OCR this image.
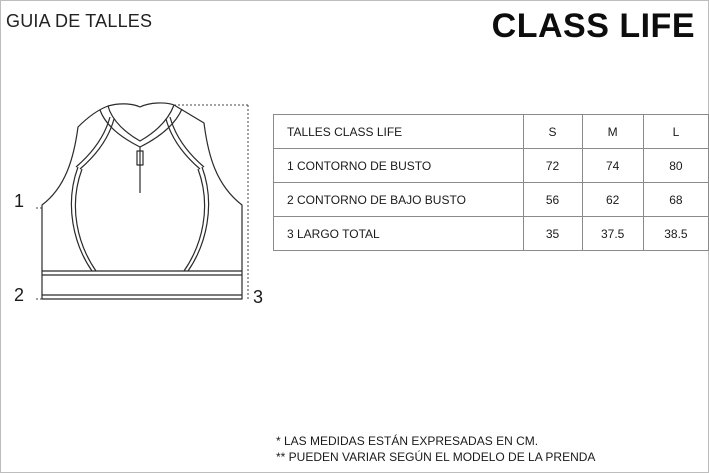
GUIA DE TALLES	CLASS LIFE
1
2	3
TALLES CLASS LIFE	S	M	L
1 CONTORNO DE BUSTO	72	74	80
2 CONTORNO DE BAJO BUSTO	56	62	68
3 LARGO TOTAL	35	37.5	38.5
* LAS MEDIDAS ESTÁN EXPRESADAS EN CM.
** PUEDEN VARIAR SEGÚN EL MODELO DE LA PRENDA
